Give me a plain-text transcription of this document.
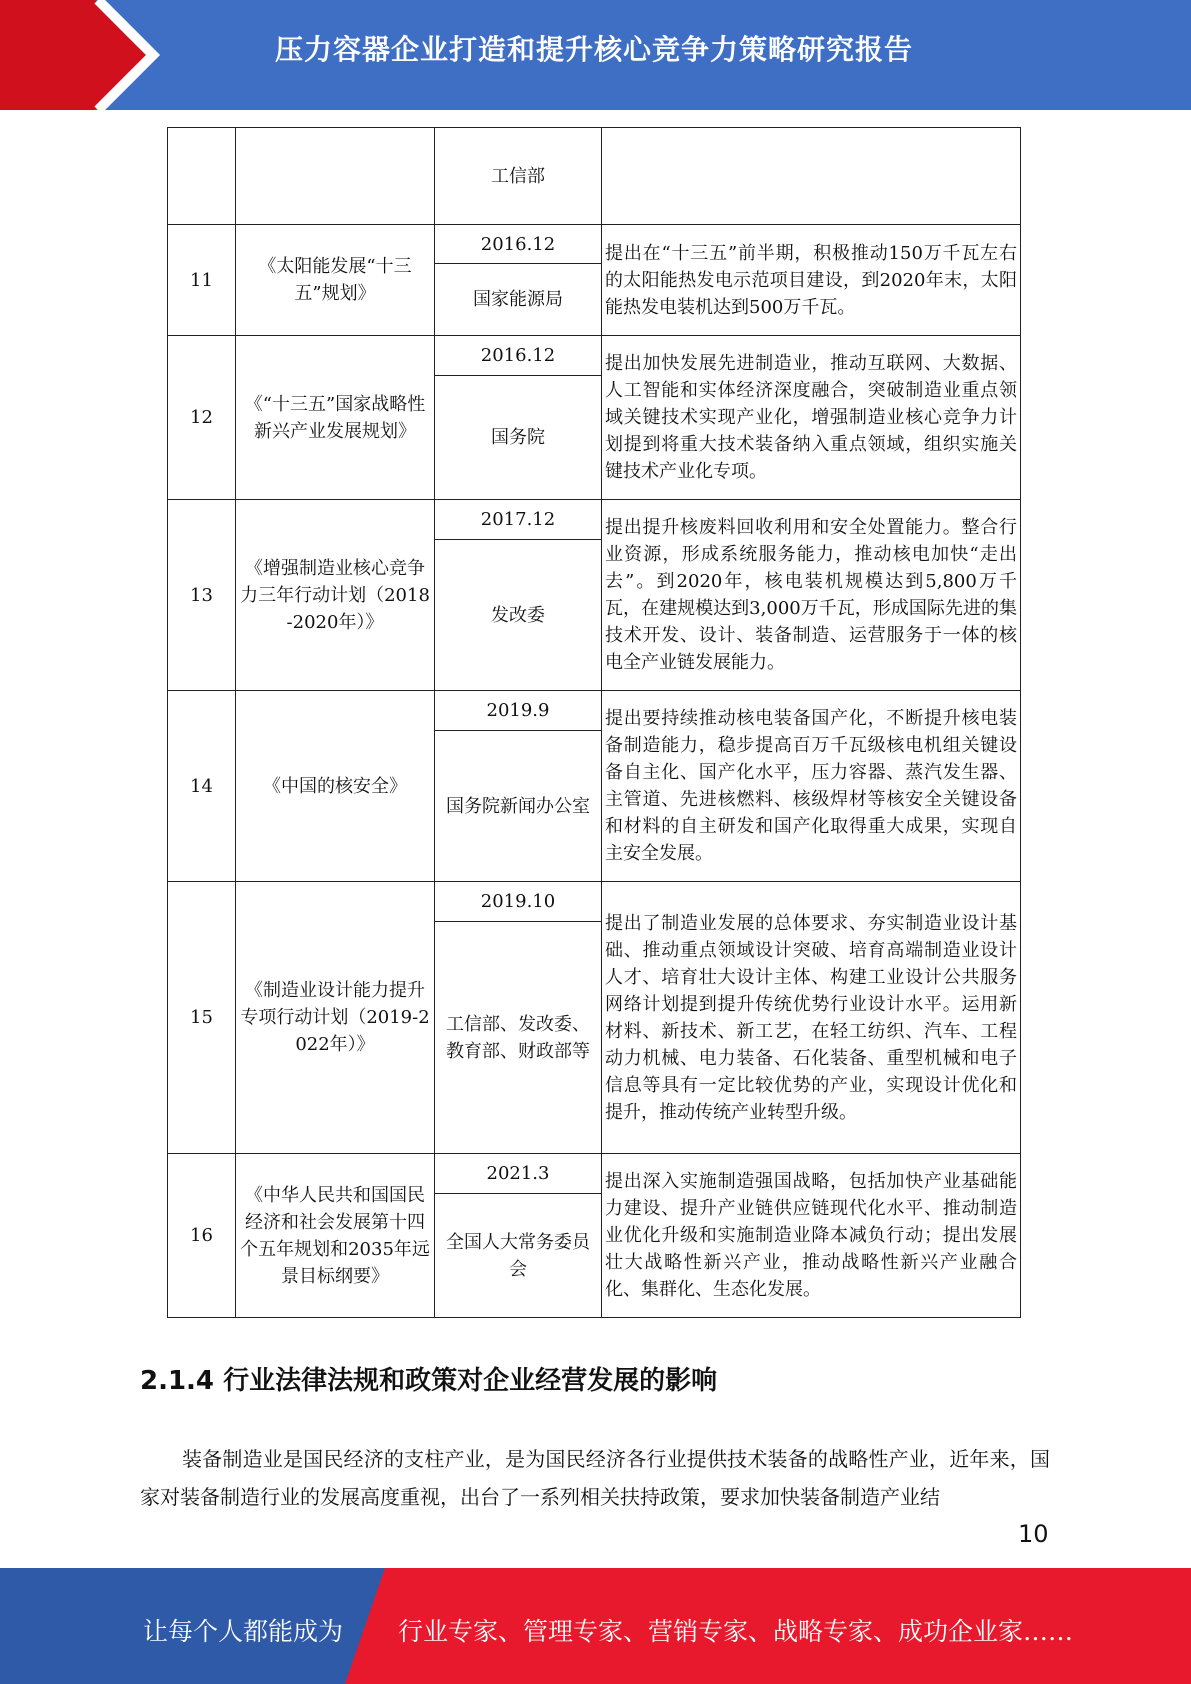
压力容器企业打造和提升核心竞争力策略研究报告
		工信部	
11	《太阳能发展“十三五”规划》	2016.12	提出在“十三五”前半期，积极推动150万千瓦左右的太阳能热发电示范项目建设，到2020年末，太阳能热发电装机达到500万千瓦。
		国家能源局	
12	《“十三五”国家战略性新兴产业发展规划》	2016.12	提出加快发展先进制造业，推动互联网、大数据、人工智能和实体经济深度融合，突破制造业重点领域关键技术实现产业化，增强制造业核心竞争力计划提到将重大技术装备纳入重点领域，组织实施关键技术产业化专项。
		国务院	
13	《增强制造业核心竞争力三年行动计划（2018-2020年）》	2017.12	提出提升核废料回收利用和安全处置能力。整合行业资源，形成系统服务能力，推动核电加快“走出去”。到2020年，核电装机规模达到5,800万千瓦，在建规模达到3,000万千瓦，形成国际先进的集技术开发、设计、装备制造、运营服务于一体的核电全产业链发展能力。
		发改委	
14	《中国的核安全》	2019.9	提出要持续推动核电装备国产化，不断提升核电装备制造能力，稳步提高百万千瓦级核电机组关键设备自主化、国产化水平，压力容器、蒸汽发生器、主管道、先进核燃料、核级焊材等核安全关键设备和材料的自主研发和国产化取得重大成果，实现自主安全发展。
		国务院新闻办公室	
15	《制造业设计能力提升专项行动计划（2019-2022年）》	2019.10	提出了制造业发展的总体要求、夯实制造业设计基础、推动重点领域设计突破、培育高端制造业设计人才、培育壮大设计主体、构建工业设计公共服务网络计划提到提升传统优势行业设计水平。运用新材料、新技术、新工艺，在轻工纺织、汽车、工程动力机械、电力装备、石化装备、重型机械和电子信息等具有一定比较优势的产业，实现设计优化和提升，推动传统产业转型升级。
		工信部、发改委、教育部、财政部等	
16	《中华人民共和国国民经济和社会发展第十四个五年规划和2035年远景目标纲要》	2021.3	提出深入实施制造强国战略，包括加快产业基础能力建设、提升产业链供应链现代化水平、推动制造业优化升级和实施制造业降本减负行动；提出发展壮大战略性新兴产业，推动战略性新兴产业融合化、集群化、生态化发展。
		全国人大常务委员会	
2.1.4 行业法律法规和政策对企业经营发展的影响
装备制造业是国民经济的支柱产业，是为国民经济各行业提供技术装备的战略性产业，近年来，国家对装备制造行业的发展高度重视，出台了一系列相关扶持政策，要求加快装备制造产业结
10
让每个人都能成为 行业专家、管理专家、营销专家、战略专家、成功企业家……
